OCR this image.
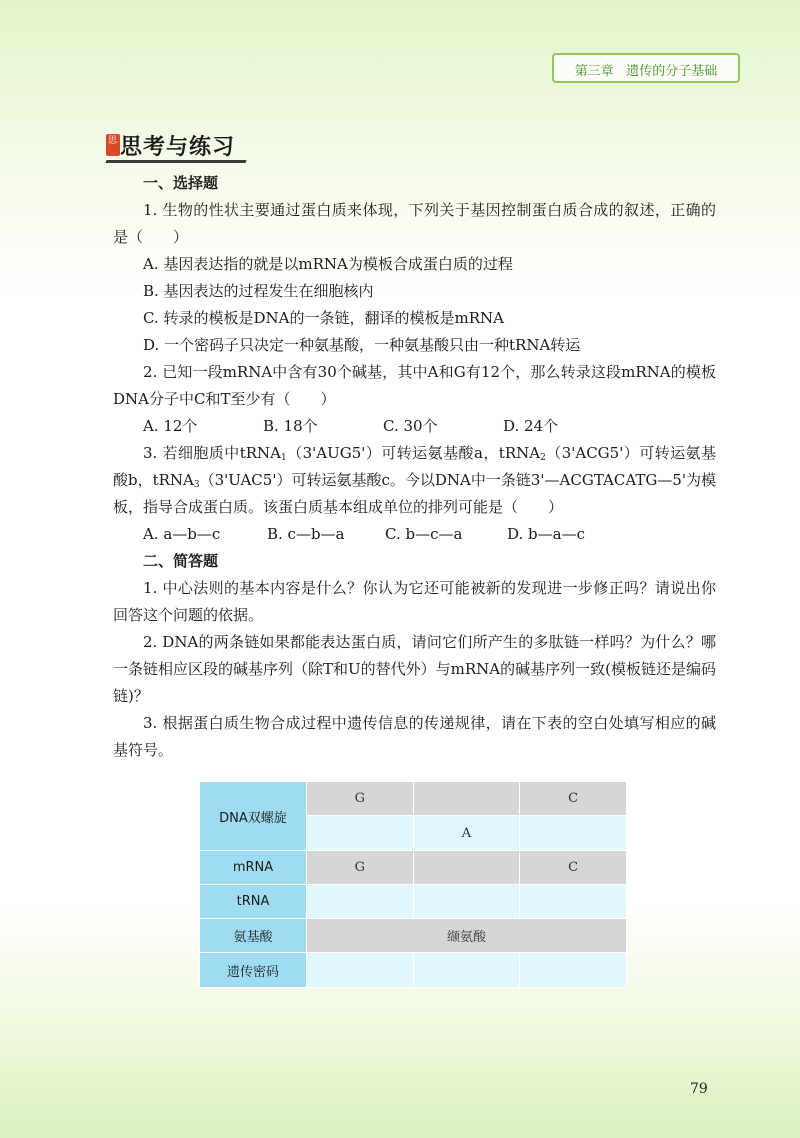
第三章   遗传的分子基础
思 思考与练习

一、选择题

1. 生物的性状主要通过蛋白质来体现，下列关于基因控制蛋白质合成的叙述，正确的是（　　）

A. 基因表达指的就是以mRNA为模板合成蛋白质的过程

B. 基因表达的过程发生在细胞核内

C. 转录的模板是DNA的一条链，翻译的模板是mRNA

D. 一个密码子只决定一种氨基酸，一种氨基酸只由一种tRNA转运

2. 已知一段mRNA中含有30个碱基，其中A和G有12个，那么转录这段mRNA的模板DNA分子中C和T至少有（　　）

A. 12个	B. 18个	C. 30个	D. 24个

3. 若细胞质中tRNA$_1$（3'AUG5'）可转运氨基酸a，tRNA$_2$（3'ACG5'）可转运氨基酸b，tRNA$_3$（3'UAC5'）可转运氨基酸c。今以DNA中一条链3'—ACGTACATG—5'为模板，指导合成蛋白质。该蛋白质基本组成单位的排列可能是（　　）

A. a—b—c	B. c—b—a	C. b—c—a	D. b—a—c

二、简答题

1. 中心法则的基本内容是什么？你认为它还可能被新的发现进一步修正吗？请说出你回答这个问题的依据。

2. DNA的两条链如果都能表达蛋白质，请问它们所产生的多肽链一样吗？为什么？哪一条链相应区段的碱基序列（除T和U的替代外）与mRNA的碱基序列一致(模板链还是编码链)？

3. 根据蛋白质生物合成过程中遗传信息的传递规律，请在下表的空白处填写相应的碱基符号。

DNA双螺旋	G		C
		A	
mRNA	G		C
tRNA			
氨基酸	缬氨酸		
遗传密码			
79
